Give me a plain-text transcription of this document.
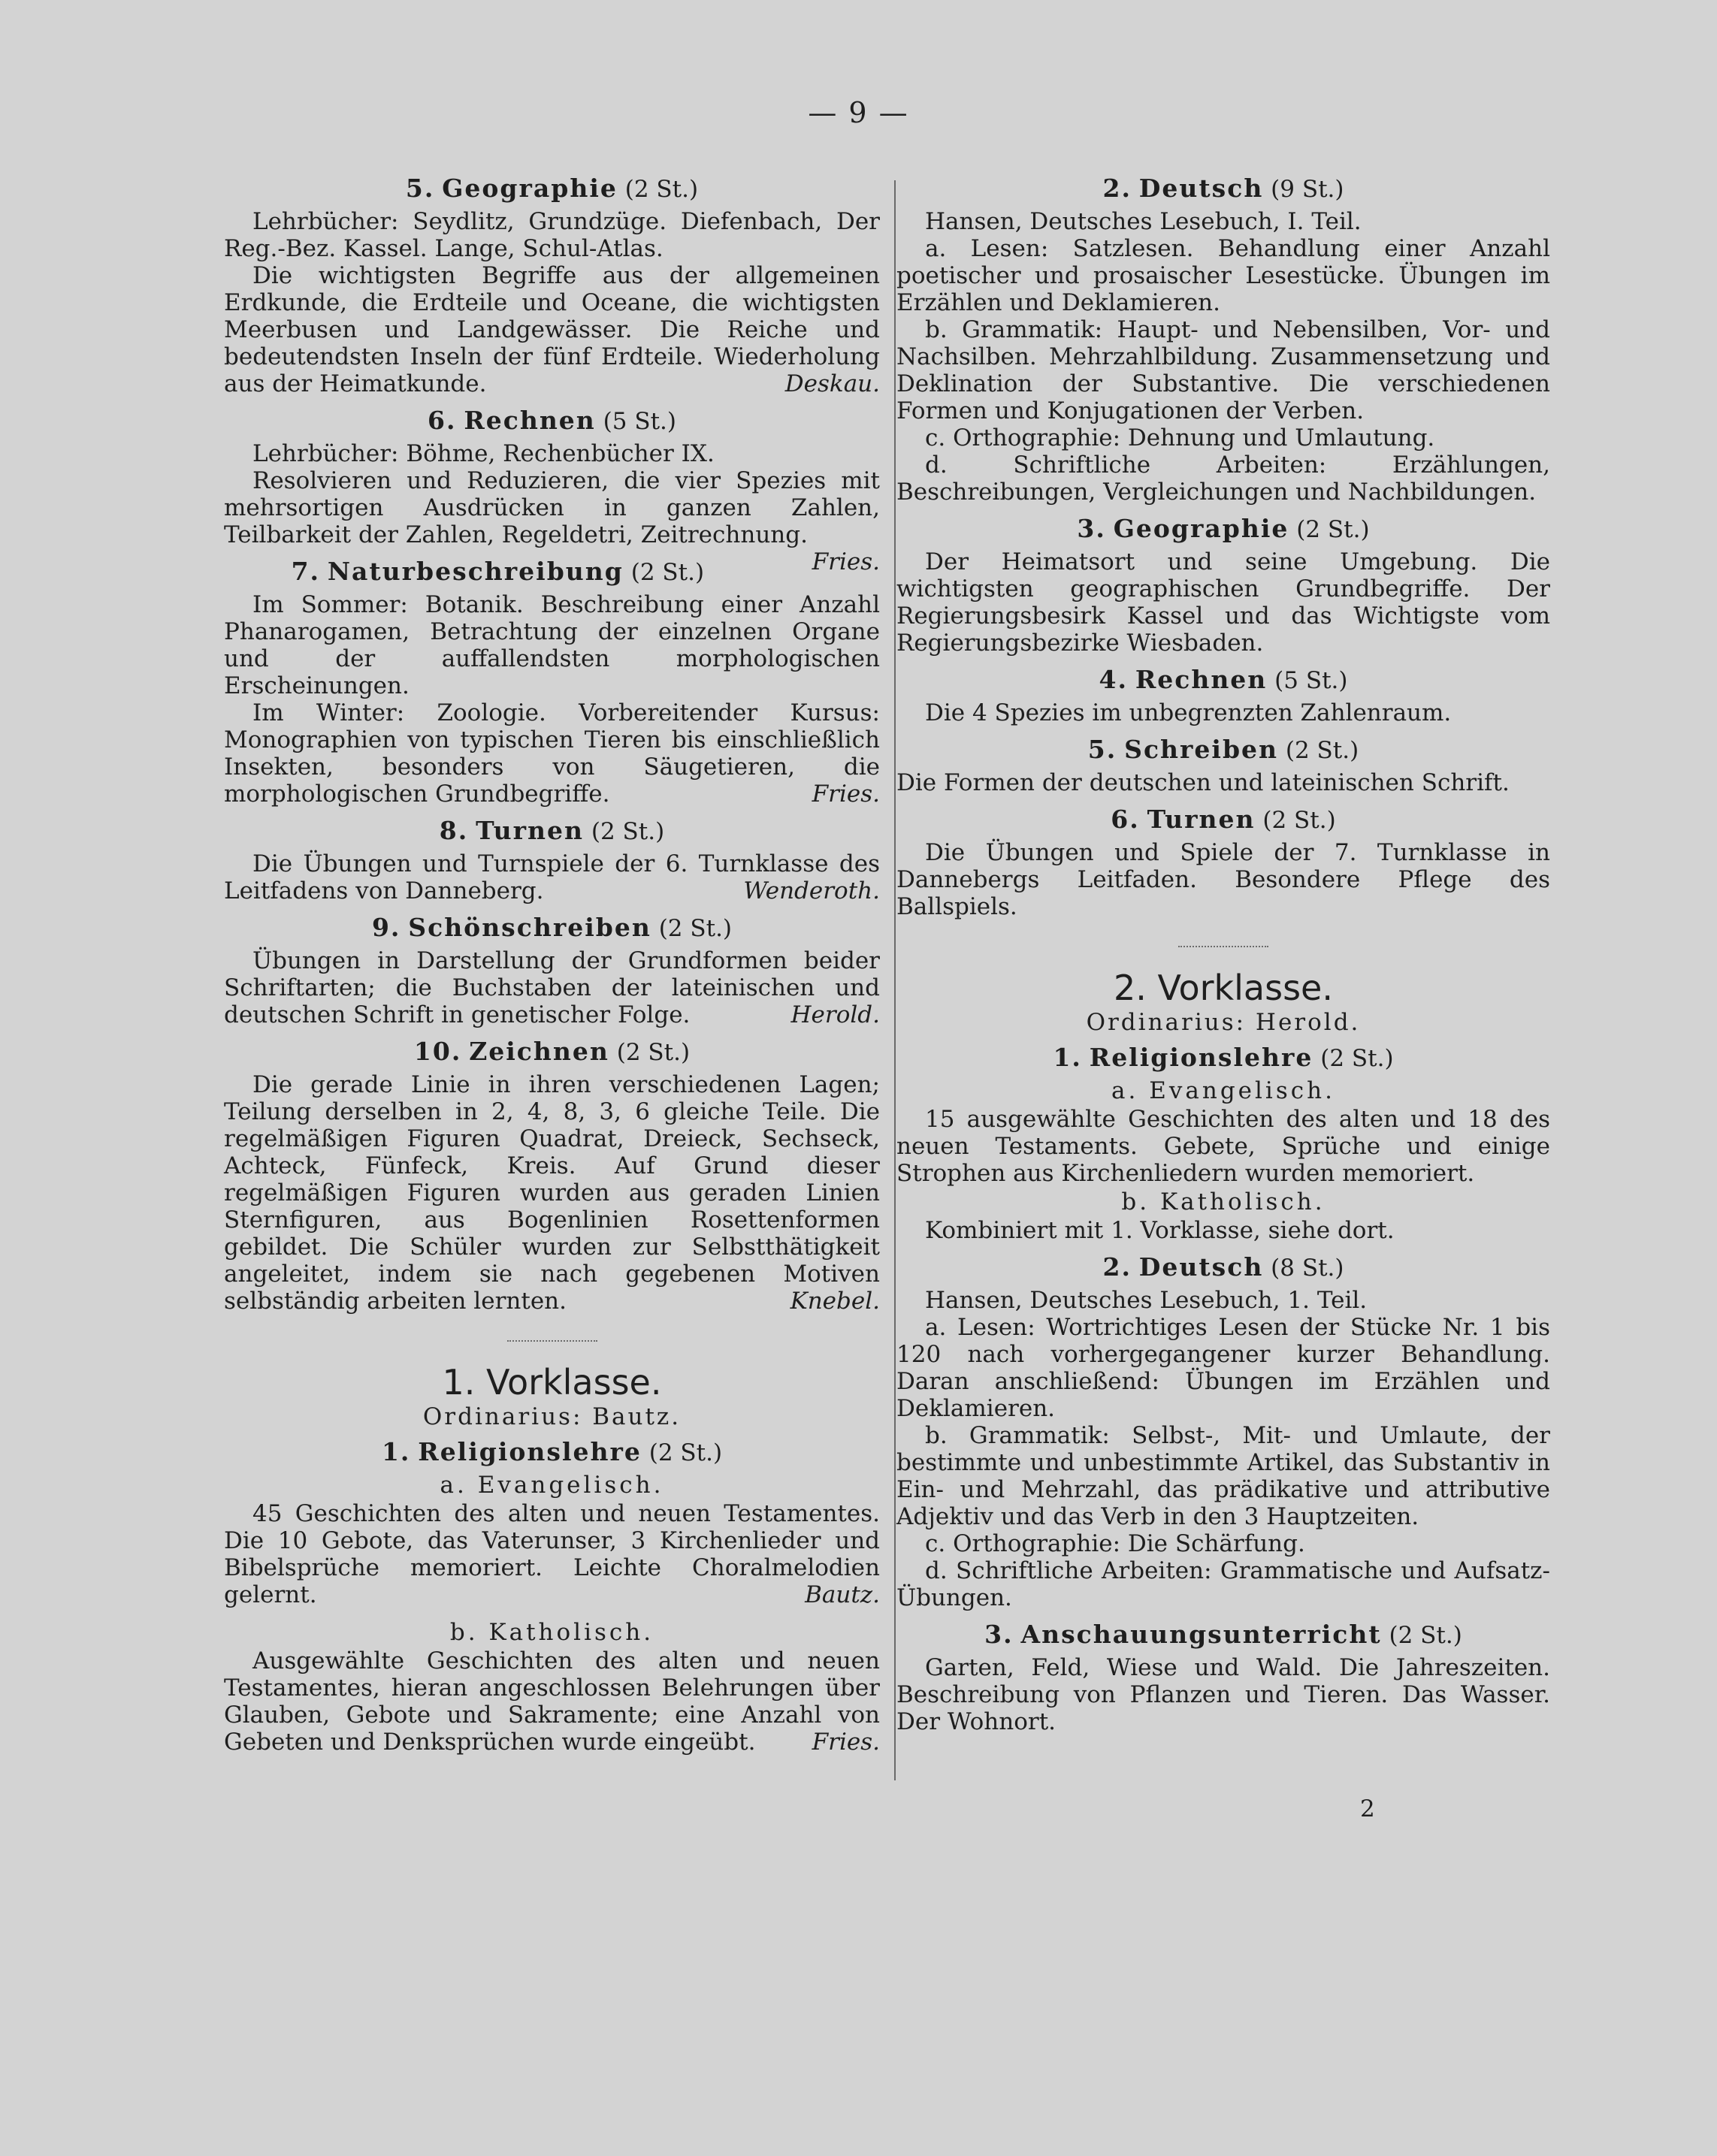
— 9 —
5. Geographie (2 St.)

Lehrbücher: Seydlitz, Grundzüge. Diefenbach, Der Reg.-Bez. Kassel. Lange, Schul-Atlas.

Die wichtigsten Begriffe aus der allgemeinen Erdkunde, die Erdteile und Oceane, die wichtigsten Meerbusen und Landgewässer. Die Reiche und bedeutendsten Inseln der fünf Erdteile. Wiederholung aus der Heimatkunde.	Deskau.

6. Rechnen (5 St.)

Lehrbücher: Böhme, Rechenbücher IX.

Resolvieren und Reduzieren, die vier Spezies mit mehrsortigen Ausdrücken in ganzen Zahlen, Teilbarkeit der Zahlen, Regeldetri, Zeitrechnung.
Fries.

7. Naturbeschreibung (2 St.)

Im Sommer: Botanik. Beschreibung einer Anzahl Phanarogamen, Betrachtung der einzelnen Organe und der auffallendsten morphologischen Erscheinungen.

Im Winter: Zoologie. Vorbereitender Kursus: Monographien von typischen Tieren bis einschließlich Insekten, besonders von Säugetieren, die morphologischen Grundbegriffe.	Fries.

8. Turnen (2 St.)

Die Übungen und Turnspiele der 6. Turnklasse des Leitfadens von Danneberg.	Wenderoth.

9. Schönschreiben (2 St.)

Übungen in Darstellung der Grundformen beider Schriftarten; die Buchstaben der lateinischen und deutschen Schrift in genetischer Folge.	Herold.

10. Zeichnen (2 St.)

Die gerade Linie in ihren verschiedenen Lagen; Teilung derselben in 2, 4, 8, 3, 6 gleiche Teile. Die regelmäßigen Figuren Quadrat, Dreieck, Sechseck, Achteck, Fünfeck, Kreis. Auf Grund dieser regelmäßigen Figuren wurden aus geraden Linien Sternfiguren, aus Bogenlinien Rosettenformen gebildet. Die Schüler wurden zur Selbstthätigkeit angeleitet, indem sie nach gegebenen Motiven selbständig arbeiten lernten.	Knebel.

1. Vorklasse.
Ordinarius: Bautz.
1. Religionslehre (2 St.)
a. Evangelisch.

45 Geschichten des alten und neuen Testamentes. Die 10 Gebote, das Vaterunser, 3 Kirchenlieder und Bibelsprüche memoriert. Leichte Choralmelodien gelernt.	Bautz.

b. Katholisch.

Ausgewählte Geschichten des alten und neuen Testamentes, hieran angeschlossen Belehrungen über Glauben, Gebote und Sakramente; eine Anzahl von Gebeten und Denksprüchen wurde eingeübt.	Fries.

2. Deutsch (9 St.)

Hansen, Deutsches Lesebuch, I. Teil.

a. Lesen: Satzlesen. Behandlung einer Anzahl poetischer und prosaischer Lesestücke. Übungen im Erzählen und Deklamieren.

b. Grammatik: Haupt- und Nebensilben, Vor- und Nachsilben. Mehrzahlbildung. Zusammensetzung und Deklination der Substantive. Die verschiedenen Formen und Konjugationen der Verben.

c. Orthographie: Dehnung und Umlautung.

d. Schriftliche Arbeiten: Erzählungen, Beschreibungen, Vergleichungen und Nachbildungen.

3. Geographie (2 St.)

Der Heimatsort und seine Umgebung. Die wichtigsten geographischen Grundbegriffe. Der Regierungsbesirk Kassel und das Wichtigste vom Regierungsbezirke Wiesbaden.

4. Rechnen (5 St.)

Die 4 Spezies im unbegrenzten Zahlenraum.

5. Schreiben (2 St.)

Die Formen der deutschen und lateinischen Schrift.

6. Turnen (2 St.)

Die Übungen und Spiele der 7. Turnklasse in Dannebergs Leitfaden. Besondere Pflege des Ballspiels.

2. Vorklasse.
Ordinarius: Herold.
1. Religionslehre (2 St.)
a. Evangelisch.

15 ausgewählte Geschichten des alten und 18 des neuen Testaments. Gebete, Sprüche und einige Strophen aus Kirchenliedern wurden memoriert.

b. Katholisch.

Kombiniert mit 1. Vorklasse, siehe dort.

2. Deutsch (8 St.)

Hansen, Deutsches Lesebuch, 1. Teil.

a. Lesen: Wortrichtiges Lesen der Stücke Nr. 1 bis 120 nach vorhergegangener kurzer Behandlung. Daran anschließend: Übungen im Erzählen und Deklamieren.

b. Grammatik: Selbst-, Mit- und Umlaute, der bestimmte und unbestimmte Artikel, das Substantiv in Ein- und Mehrzahl, das prädikative und attributive Adjektiv und das Verb in den 3 Hauptzeiten.

c. Orthographie: Die Schärfung.

d. Schriftliche Arbeiten: Grammatische und Aufsatz-Übungen.

3. Anschauungsunterricht (2 St.)

Garten, Feld, Wiese und Wald. Die Jahreszeiten. Beschreibung von Pflanzen und Tieren. Das Wasser. Der Wohnort.

2
